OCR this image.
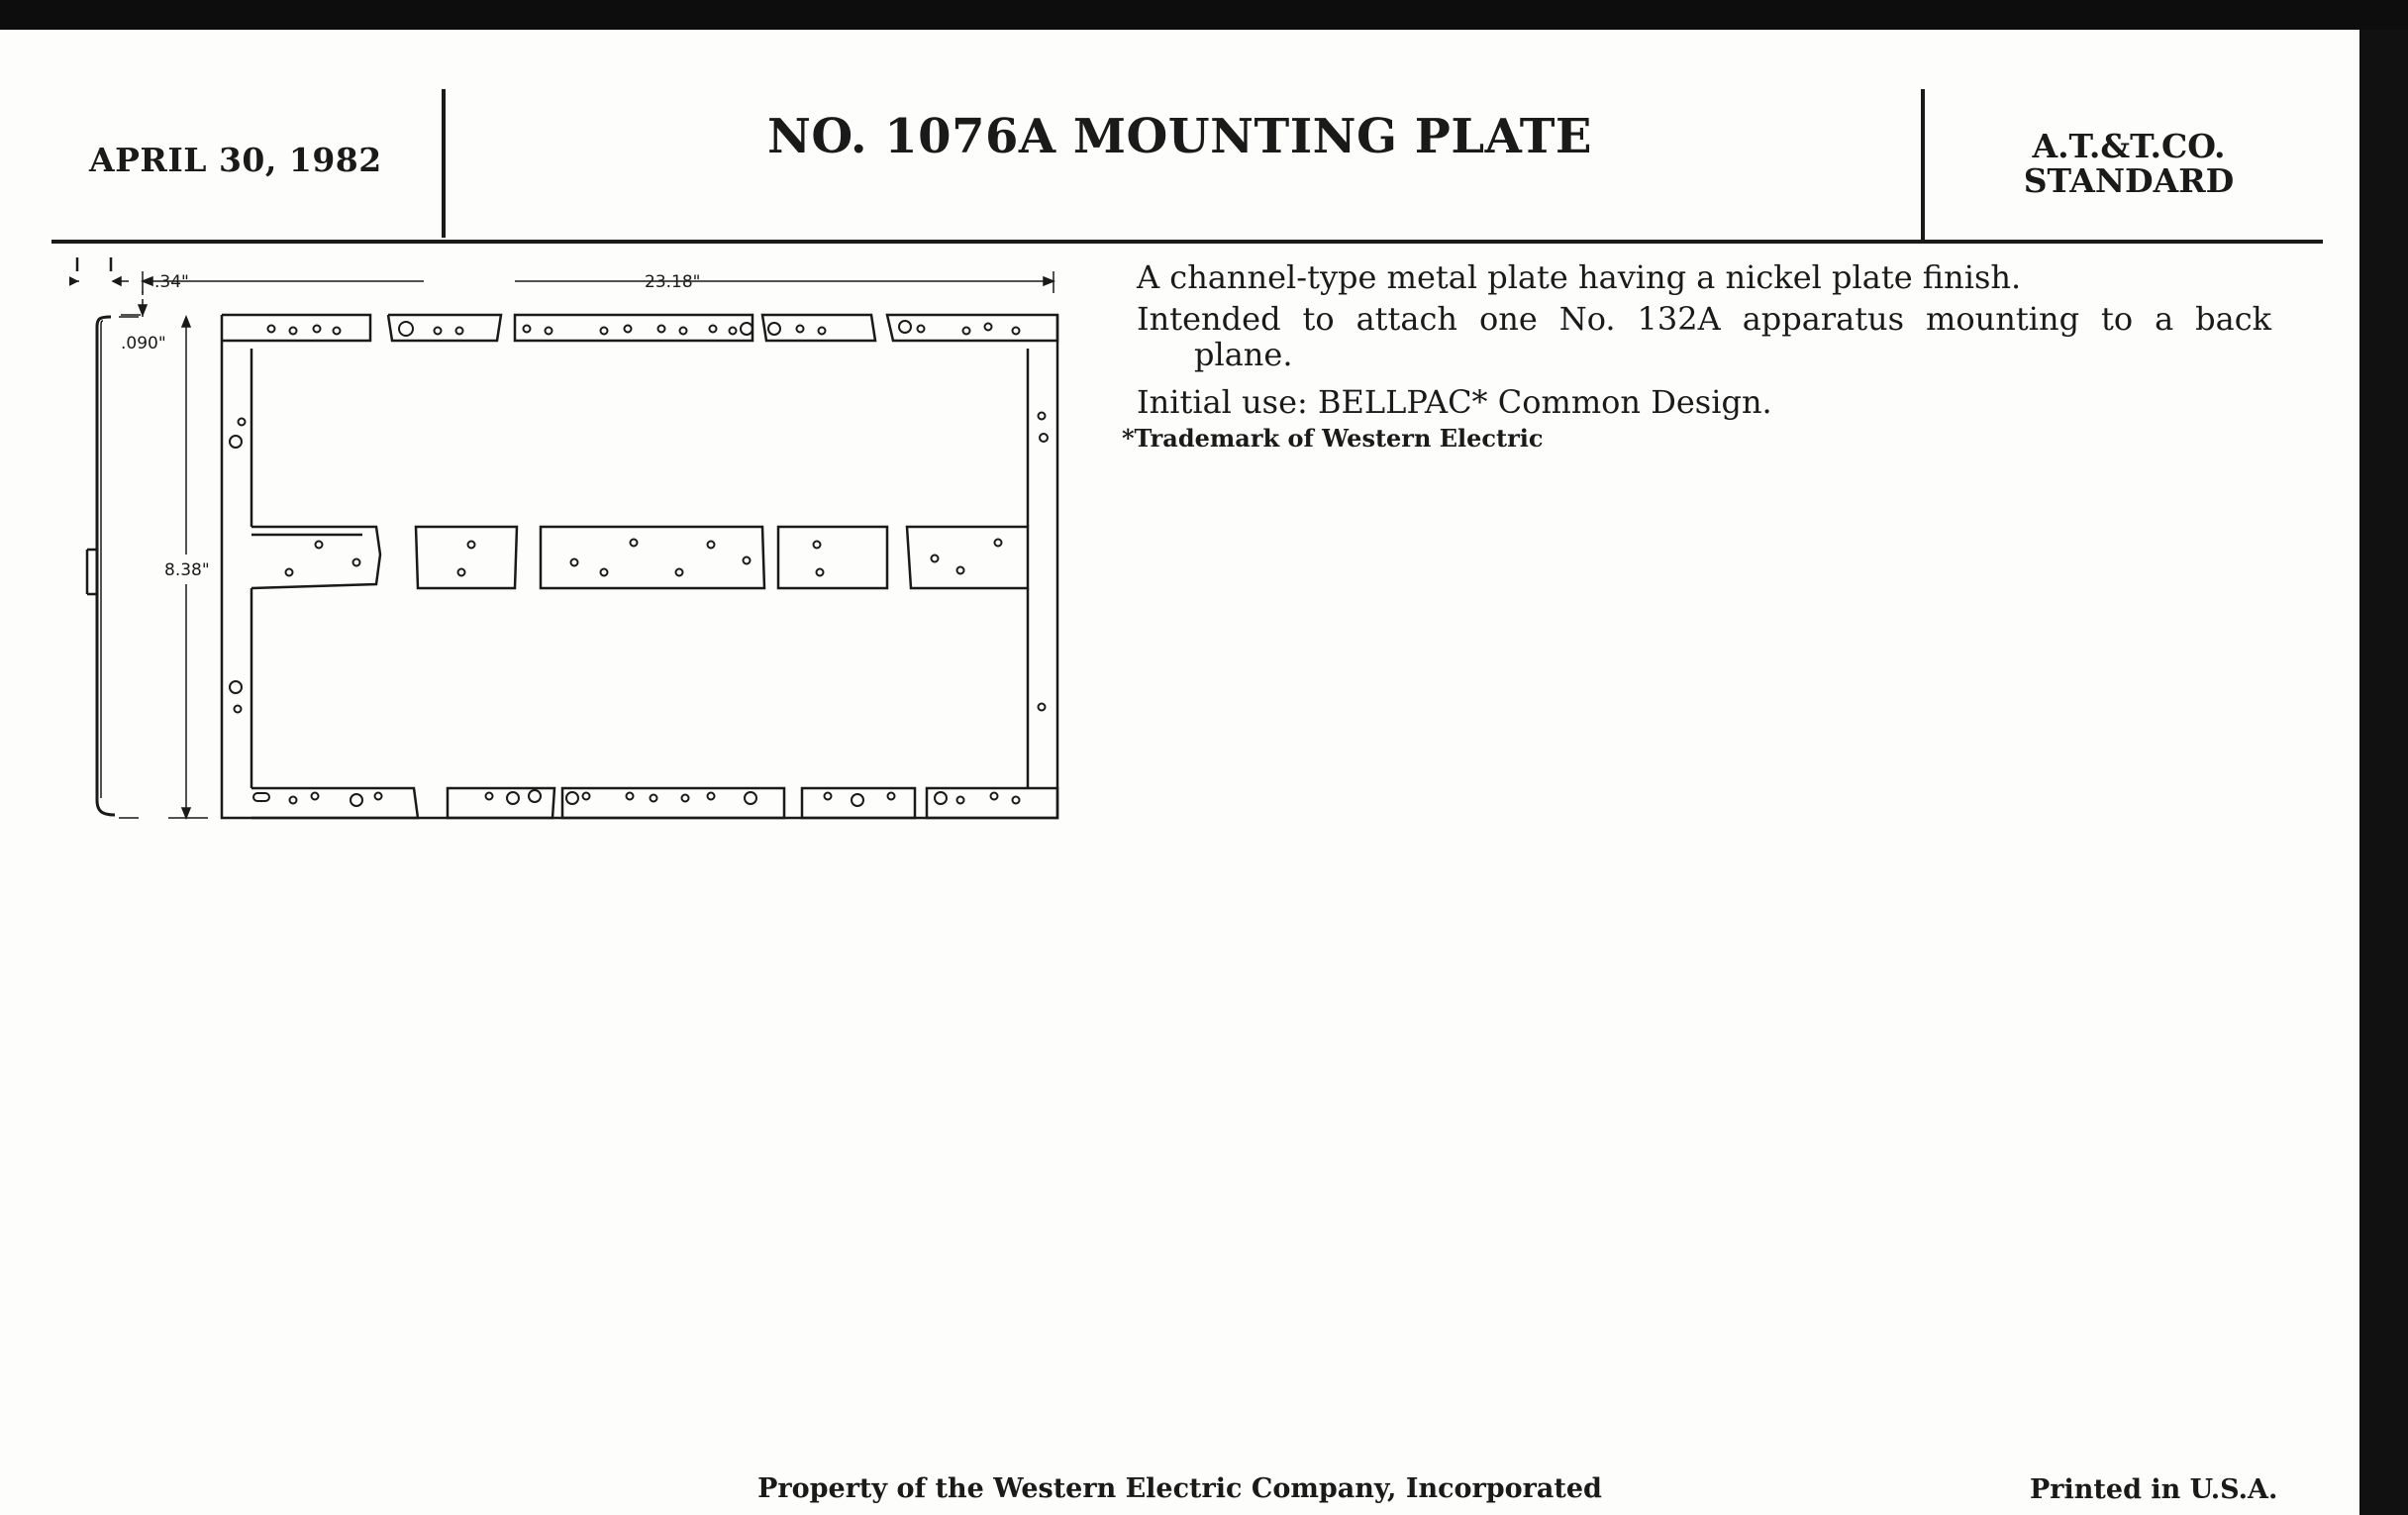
APRIL 30, 1982	NO. 1076A MOUNTING PLATE	A.T.&T.CO.
STANDARD
.34"
.090"
23.18"
8.38"

A channel-type metal plate having a nickel plate finish.

Intended to attach one No. 132A apparatus mounting to a back

plane.

Initial use: BELLPAC* Common Design.

*Trademark of Western Electric
Property of the Western Electric Company, Incorporated	Printed in U.S.A.
